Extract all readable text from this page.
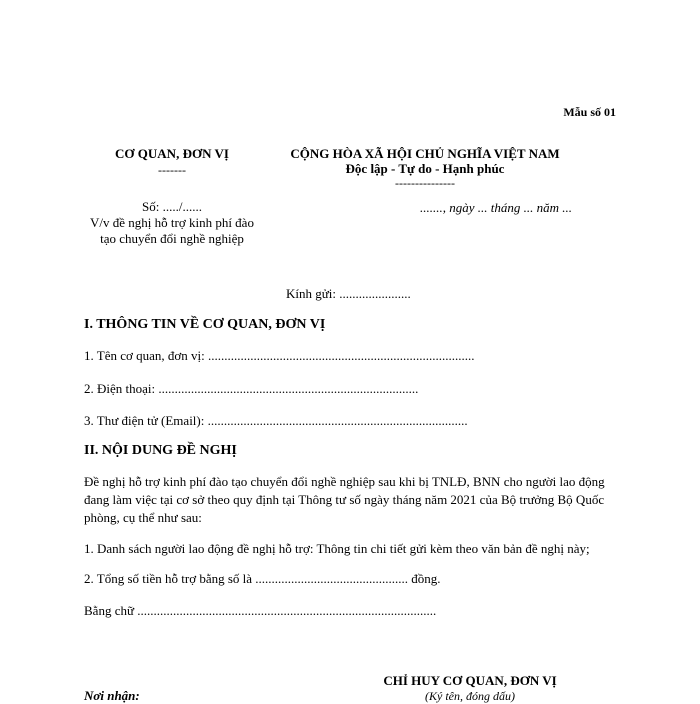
Mẫu số 01
CƠ QUAN, ĐƠN VỊ
-------
CỘNG HÒA XÃ HỘI CHỦ NGHĨA VIỆT NAM
Độc lập - Tự do - Hạnh phúc
---------------
Số: ...../......
V/v đề nghị hỗ trợ kinh phí đào
tạo chuyển đổi nghề nghiệp
......., ngày ... tháng ... năm ...
Kính gửi: ......................
I. THÔNG TIN VỀ CƠ QUAN, ĐƠN VỊ
1. Tên cơ quan, đơn vị: ..................................................................................
2. Điện thoại: ................................................................................
3. Thư điện tử (Email): ................................................................................
II. NỘI DUNG ĐỀ NGHỊ
Đề nghị hỗ trợ kinh phí đào tạo chuyển đổi nghề nghiệp sau khi bị TNLĐ, BNN cho người lao động đang làm việc tại cơ sở theo quy định tại Thông tư số ngày tháng năm 2021 của Bộ trưởng Bộ Quốc phòng, cụ thể như sau:
1. Danh sách người lao động đề nghị hỗ trợ: Thông tin chi tiết gửi kèm theo văn bản đề nghị này;
2. Tổng số tiền hỗ trợ bằng số là ............................................... đồng.
Bằng chữ ............................................................................................
CHỈ HUY CƠ QUAN, ĐƠN VỊ
(Ký tên, đóng dấu)
Nơi nhận:
